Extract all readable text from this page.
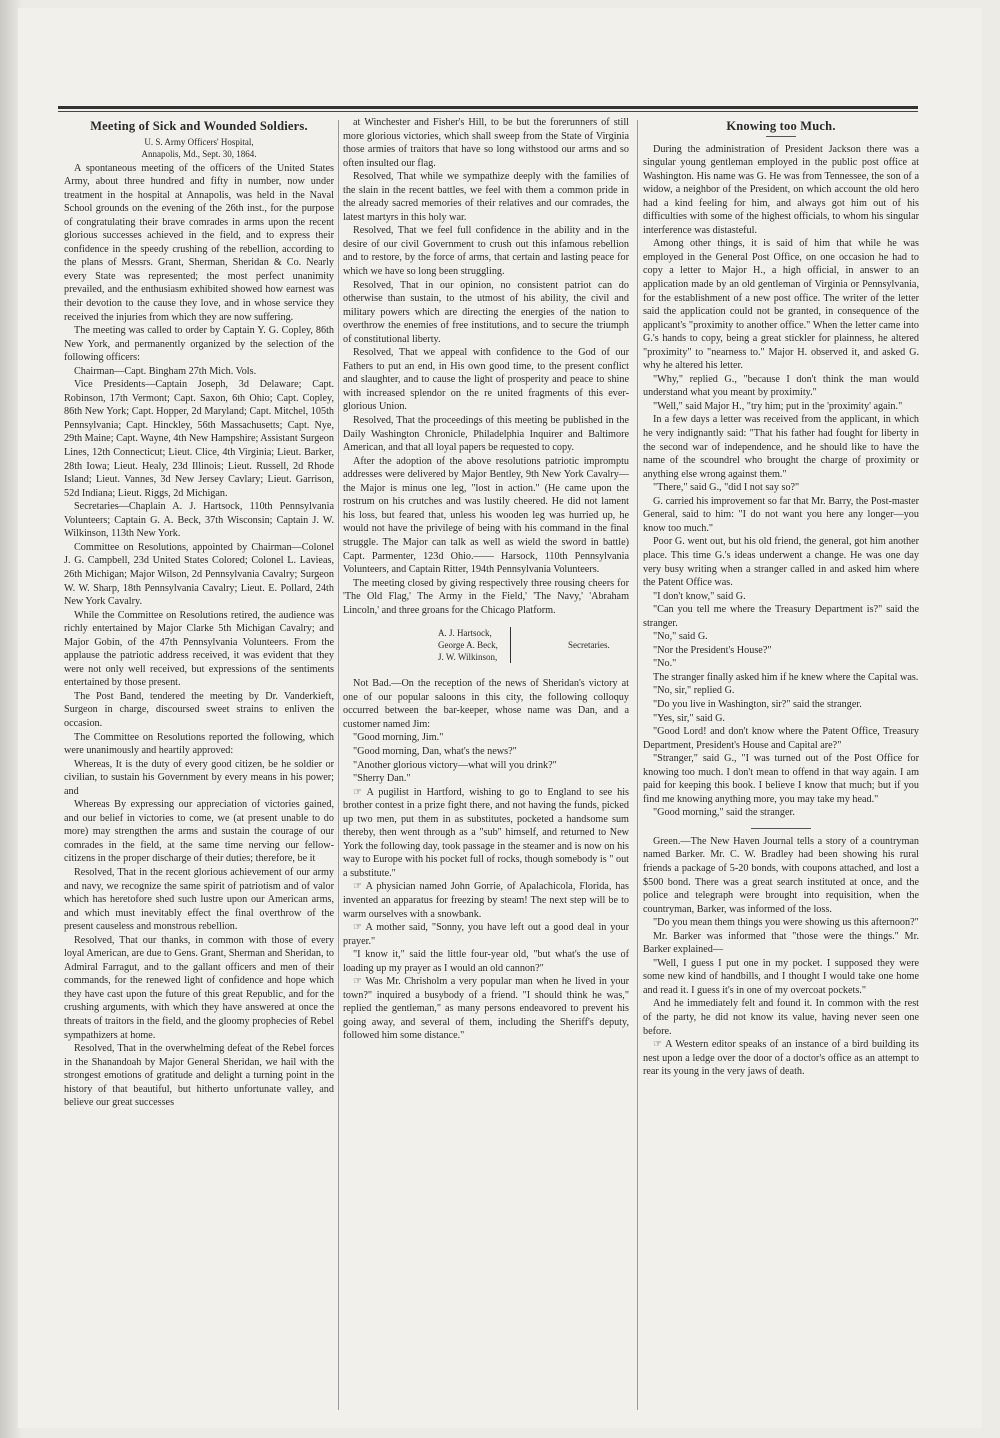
Meeting of Sick and Wounded Soldiers.
U. S. Army Officers' Hospital,
Annapolis, Md., Sept. 30, 1864.

A spontaneous meeting of the officers of the United States Army, about three hundred and fifty in number, now under treatment in the hospital at Annapolis, was held in the Naval School grounds on the evening of the 26th inst., for the purpose of congratulating their brave comrades in arms upon the recent glorious successes achieved in the field, and to express their confidence in the speedy crushing of the rebellion, according to the plans of Messrs. Grant, Sherman, Sheridan & Co. Nearly every State was represented; the most perfect unanimity prevailed, and the enthusiasm exhibited showed how earnest was their devotion to the cause they love, and in whose service they received the injuries from which they are now suffering.

The meeting was called to order by Captain Y. G. Copley, 86th New York, and permanently organized by the selection of the following officers:

Chairman—Capt. Bingham 27th Mich. Vols.

Vice Presidents—Captain Joseph, 3d Delaware; Capt. Robinson, 17th Vermont; Capt. Saxon, 6th Ohio; Capt. Copley, 86th New York; Capt. Hopper, 2d Maryland; Capt. Mitchel, 105th Pennsylvania; Capt. Hinckley, 56th Massachusetts; Capt. Nye, 29th Maine; Capt. Wayne, 4th New Hampshire; Assistant Surgeon Lines, 12th Connecticut; Lieut. Clice, 4th Virginia; Lieut. Barker, 28th Iowa; Lieut. Healy, 23d Illinois; Lieut. Russell, 2d Rhode Island; Lieut. Vannes, 3d New Jersey Cavlary; Lieut. Garrison, 52d Indiana; Lieut. Riggs, 2d Michigan.

Secretaries—Chaplain A. J. Hartsock, 110th Pennsylvania Volunteers; Captain G. A. Beck, 37th Wisconsin; Captain J. W. Wilkinson, 113th New York.

Committee on Resolutions, appointed by Chairman—Colonel J. G. Campbell, 23d United States Colored; Colonel L. Lavieas, 26th Michigan; Major Wilson, 2d Pennsylvania Cavalry; Surgeon W. W. Sharp, 18th Pennsylvania Cavalry; Lieut. E. Pollard, 24th New York Cavalry.

While the Committee on Resolutions retired, the audience was richly entertained by Major Clarke 5th Michigan Cavalry; and Major Gobin, of the 47th Pennsylvania Volunteers. From the applause the patriotic address received, it was evident that they were not only well received, but expressions of the sentiments entertained by those present.

The Post Band, tendered the meeting by Dr. Vanderkieft, Surgeon in charge, discoursed sweet strains to enliven the occasion.

The Committee on Resolutions reported the following, which were unanimously and heartily approved:

Whereas, It is the duty of every good citizen, be he soldier or civilian, to sustain his Government by every means in his power; and

Whereas By expressing our appreciation of victories gained, and our belief in victories to come, we (at present unable to do more) may strengthen the arms and sustain the courage of our comrades in the field, at the same time nerving our fellow-citizens in the proper discharge of their duties; therefore, be it

Resolved, That in the recent glorious achievement of our army and navy, we recognize the same spirit of patriotism and of valor which has heretofore shed such lustre upon our American arms, and which must inevitably effect the final overthrow of the present causeless and monstrous rebellion.

Resolved, That our thanks, in common with those of every loyal American, are due to Gens. Grant, Sherman and Sheridan, to Admiral Farragut, and to the gallant officers and men of their commands, for the renewed light of confidence and hope which they have cast upon the future of this great Republic, and for the crushing arguments, with which they have answered at once the threats of traitors in the field, and the gloomy prophecies of Rebel sympathizers at home.

Resolved, That in the overwhelming defeat of the Rebel forces in the Shanandoah by Major General Sheridan, we hail with the strongest emotions of gratitude and delight a turning point in the history of that beautiful, but hitherto unfortunate valley, and believe our great successes

at Winchester and Fisher's Hill, to be but the forerunners of still more glorious victories, which shall sweep from the State of Virginia those armies of traitors that have so long withstood our arms and so often insulted our flag.

Resolved, That while we sympathize deeply with the families of the slain in the recent battles, we feel with them a common pride in the already sacred memories of their relatives and our comrades, the latest martyrs in this holy war.

Resolved, That we feel full confidence in the ability and in the desire of our civil Government to crush out this infamous rebellion and to restore, by the force of arms, that certain and lasting peace for which we have so long been struggling.

Resolved, That in our opinion, no consistent patriot can do otherwise than sustain, to the utmost of his ability, the civil and military powers which are directing the energies of the nation to overthrow the enemies of free institutions, and to secure the triumph of constitutional liberty.

Resolved, That we appeal with confidence to the God of our Fathers to put an end, in His own good time, to the present conflict and slaughter, and to cause the light of prosperity and peace to shine with increased splendor on the re united fragments of this ever-glorious Union.

Resolved, That the proceedings of this meeting be published in the Daily Washington Chronicle, Philadelphia Inquirer and Baltimore American, and that all loyal papers be requested to copy.

After the adoption of the above resolutions patriotic impromptu addresses were delivered by Major Bentley, 9th New York Cavalry—the Major is minus one leg, "lost in action." (He came upon the rostrum on his crutches and was lustily cheered. He did not lament his loss, but feared that, unless his wooden leg was hurried up, he would not have the privilege of being with his command in the final struggle. The Major can talk as well as wield the sword in battle) Capt. Parmenter, 123d Ohio.—— Harsock, 110th Pennsylvania Volunteers, and Captain Ritter, 194th Pennsylvania Volunteers.

The meeting closed by giving respectively three rousing cheers for 'The Old Flag,' The Army in the Field,' 'The Navy,' 'Abraham Lincoln,' and three groans for the Chicago Platform.

A. J. Hartsock,
George A. Beck,
J. W. Wilkinson,
Secretaries.

Not Bad.—On the reception of the news of Sheridan's victory at one of our popular saloons in this city, the following colloquy occurred between the bar-keeper, whose name was Dan, and a customer named Jim:

"Good morning, Jim."

"Good morning, Dan, what's the news?"

"Another glorious victory—what will you drink?"

"Sherry Dan."

☞ A pugilist in Hartford, wishing to go to England to see his brother contest in a prize fight there, and not having the funds, picked up two men, put them in as substitutes, pocketed a handsome sum thereby, then went through as a "sub" himself, and returned to New York the following day, took passage in the steamer and is now on his way to Europe with his pocket full of rocks, though somebody is " out a substitute."

☞ A physician named John Gorrie, of Apalachicola, Florida, has invented an apparatus for freezing by steam! The next step will be to warm ourselves with a snowbank.

☞ A mother said, "Sonny, you have left out a good deal in your prayer."

"I know it," said the little four-year old, "but what's the use of loading up my prayer as I would an old cannon?"

☞ Was Mr. Chrisholm a very popular man when he lived in your town?" inquired a busybody of a friend. "I should think he was," replied the gentleman," as many persons endeavored to prevent his going away, and several of them, including the Sheriff's deputy, followed him some distance."

Knowing too Much.

During the administration of President Jackson there was a singular young gentleman employed in the public post office at Washington. His name was G. He was from Tennessee, the son of a widow, a neighbor of the President, on which account the old hero had a kind feeling for him, and always got him out of his difficulties with some of the highest officials, to whom his singular interference was distasteful.

Among other things, it is said of him that while he was employed in the General Post Office, on one occasion he had to copy a letter to Major H., a high official, in answer to an application made by an old gentleman of Virginia or Pennsylvania, for the establishment of a new post office. The writer of the letter said the application could not be granted, in consequence of the applicant's "proximity to another office." When the letter came into G.'s hands to copy, being a great stickler for plainness, he altered "proximity" to "nearness to." Major H. observed it, and asked G. why he altered his letter.

"Why," replied G., "because I don't think the man would understand what you meant by proximity."

"Well," said Major H., "try him; put in the 'proximity' again."

In a few days a letter was received from the applicant, in which he very indignantly said: "That his father had fought for liberty in the second war of independence, and he should like to have the name of the scoundrel who brought the charge of proximity or anything else wrong against them."

"There," said G., "did I not say so?"

G. carried his improvement so far that Mr. Barry, the Post-master General, said to him: "I do not want you here any longer—you know too much."

Poor G. went out, but his old friend, the general, got him another place. This time G.'s ideas underwent a change. He was one day very busy writing when a stranger called in and asked him where the Patent Office was.

"I don't know," said G.

"Can you tell me where the Treasury Department is?" said the stranger.

"No," said G.

"Nor the President's House?"

"No."

The stranger finally asked him if he knew where the Capital was.

"No, sir," replied G.

"Do you live in Washington, sir?" said the stranger.

"Yes, sir," said G.

"Good Lord! and don't know where the Patent Office, Treasury Department, President's House and Capital are?"

"Stranger," said G., "I was turned out of the Post Office for knowing too much. I don't mean to offend in that way again. I am paid for keeping this book. I believe I know that much; but if you find me knowing anything more, you may take my head."

"Good morning," said the stranger.

Green.—The New Haven Journal tells a story of a countryman named Barker. Mr. C. W. Bradley had been showing his rural friends a package of 5-20 bonds, with coupons attached, and lost a $500 bond. There was a great search instituted at once, and the police and telegraph were brought into requisition, when the countryman, Barker, was informed of the loss.

"Do you mean them things you were showing us this afternoon?"

Mr. Barker was informed that "those were the things." Mr. Barker explained—

"Well, I guess I put one in my pocket. I supposed they were some new kind of handbills, and I thought I would take one home and read it. I guess it's in one of my overcoat pockets."

And he immediately felt and found it. In common with the rest of the party, he did not know its value, having never seen one before.

☞ A Western editor speaks of an instance of a bird building its nest upon a ledge over the door of a doctor's office as an attempt to rear its young in the very jaws of death.
